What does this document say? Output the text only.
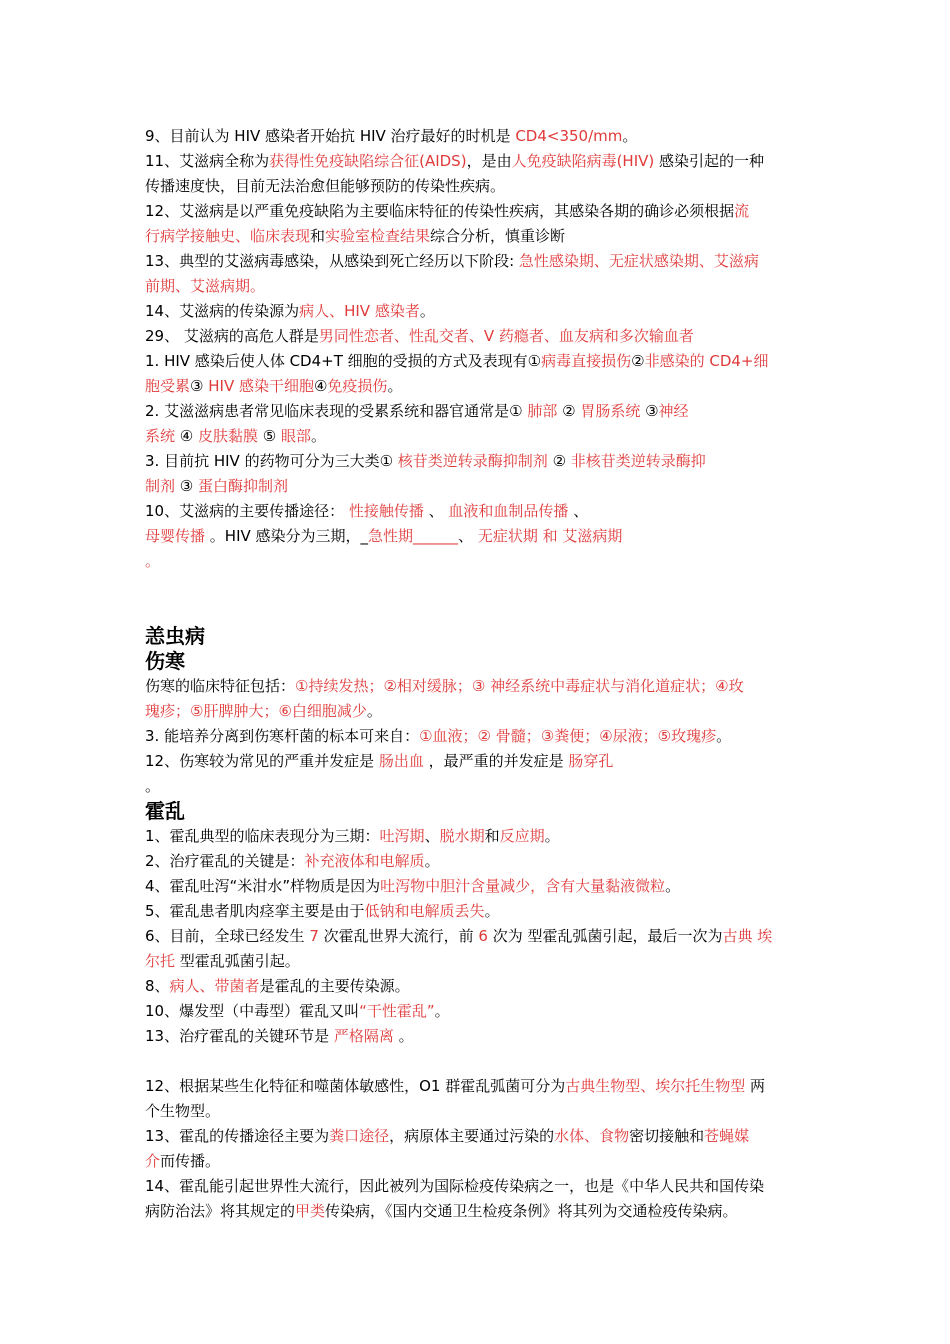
恙虫病
伤寒
霍乱
9、目前认为 HIV 感染者开始抗 HIV 治疗最好的时机是 CD4<350/mm。
11、艾滋病全称为获得性免疫缺陷综合征(AIDS)，是由人免疫缺陷病毒(HIV) 感染引起的一种
传播速度快，目前无法治愈但能够预防的传染性疾病。
12、艾滋病是以严重免疫缺陷为主要临床特征的传染性疾病，其感染各期的确诊必须根据流
行病学接触史、临床表现和实验室检查结果综合分析，慎重诊断
13、典型的艾滋病毒感染，从感染到死亡经历以下阶段: 急性感染期、无症状感染期、艾滋病
前期、艾滋病期。
14、艾滋病的传染源为病人、HIV 感染者。
29、 艾滋病的高危人群是男同性恋者、性乱交者、V 药瘾者、血友病和多次输血者
1. HIV 感染后使人体 CD4+T 细胞的受损的方式及表现有①病毒直接损伤②非感染的 CD4+细
胞受累③ HIV 感染干细胞④免疫损伤。
2. 艾滋滋病患者常见临床表现的受累系统和器官通常是① 肺部 ② 胃肠系统 ③神经
系统 ④ 皮肤黏膜 ⑤ 眼部。
3. 目前抗 HIV 的药物可分为三大类① 核苷类逆转录酶抑制剂 ② 非核苷类逆转录酶抑
制剂 ③ 蛋白酶抑制剂
10、艾滋病的主要传播途径： 性接触传播 、 血液和血制品传播 、
母婴传播 。HIV 感染分为三期，_急性期______、 无症状期 和 艾滋病期
。
伤寒的临床特征包括：①持续发热；②相对缓脉；③ 神经系统中毒症状与消化道症状；④玫
瑰疹；⑤肝脾肿大；⑥白细胞减少。
3. 能培养分离到伤寒杆菌的标本可来自：①血液；② 骨髓；③粪便；④尿液；⑤玫瑰疹。
12、伤寒较为常见的严重并发症是 肠出血 ，最严重的并发症是 肠穿孔
。
1、霍乱典型的临床表现分为三期：吐泻期、脱水期和反应期。
2、治疗霍乱的关键是：补充液体和电解质。
4、霍乱吐泻“米泔水”样物质是因为吐泻物中胆汁含量减少，含有大量黏液微粒。
5、霍乱患者肌肉痉挛主要是由于低钠和电解质丢失。
6、目前，全球已经发生 7 次霍乱世界大流行，前 6 次为 型霍乱弧菌引起，最后一次为古典 埃
尔托 型霍乱弧菌引起。
8、病人、带菌者是霍乱的主要传染源。
10、爆发型（中毒型）霍乱又叫“干性霍乱”。
13、治疗霍乱的关键环节是 严格隔离 。
12、根据某些生化特征和噬菌体敏感性，O1 群霍乱弧菌可分为古典生物型、埃尔托生物型 两
个生物型。
13、霍乱的传播途径主要为粪口途径，病原体主要通过污染的水体、食物密切接触和苍蝇媒
介而传播。
14、霍乱能引起世界性大流行，因此被列为国际检疫传染病之一，也是《中华人民共和国传染
病防治法》将其规定的甲类传染病，《国内交通卫生检疫条例》将其列为交通检疫传染病。
